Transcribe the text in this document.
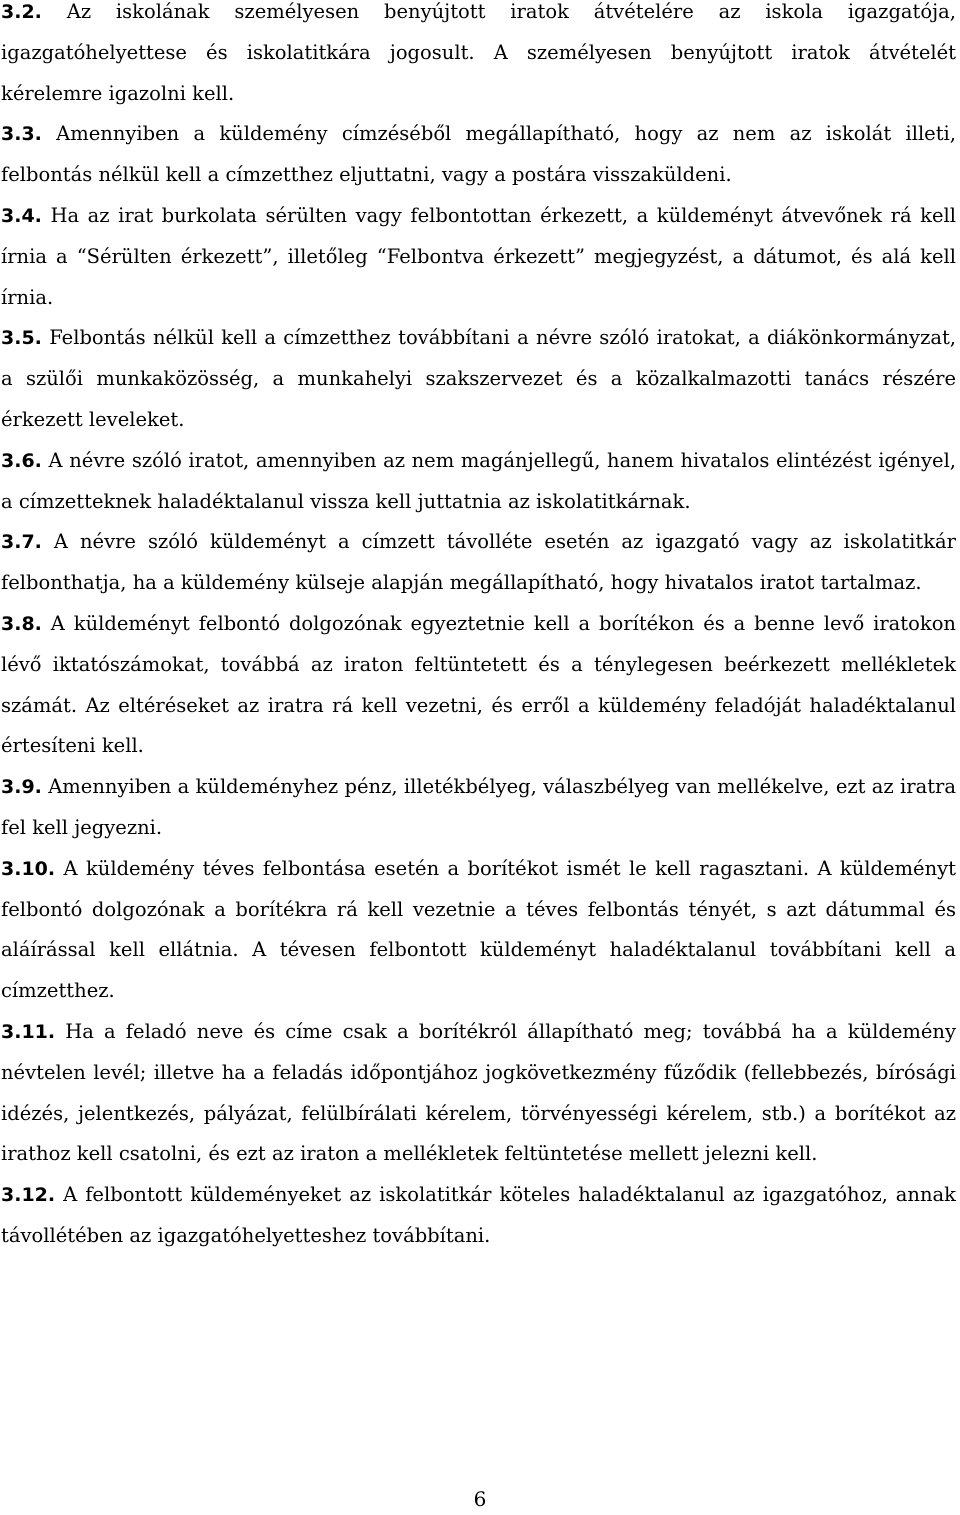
3.2. Az iskolának személyesen benyújtott iratok átvételére az iskola igazgatója, igazgatóhelyettese és iskolatitkára jogosult. A személyesen benyújtott iratok átvételét kérelemre igazolni kell.

3.3. Amennyiben a küldemény címzéséből megállapítható, hogy az nem az iskolát illeti, felbontás nélkül kell a címzetthez eljuttatni, vagy a postára visszaküldeni.

3.4. Ha az irat burkolata sérülten vagy felbontottan érkezett, a küldeményt átvevőnek rá kell írnia a “Sérülten érkezett”, illetőleg “Felbontva érkezett” megjegyzést, a dátumot, és alá kell írnia.

3.5. Felbontás nélkül kell a címzetthez továbbítani a névre szóló iratokat, a diákönkormányzat, a szülői munkaközösség, a munkahelyi szakszervezet és a közalkalmazotti tanács részére érkezett leveleket.

3.6. A névre szóló iratot, amennyiben az nem magánjellegű, hanem hivatalos elintézést igényel, a címzetteknek haladéktalanul vissza kell juttatnia az iskolatitkárnak.

3.7. A névre szóló küldeményt a címzett távolléte esetén az igazgató vagy az iskolatitkár felbonthatja, ha a küldemény külseje alapján megállapítható, hogy hivatalos iratot tartalmaz.

3.8. A küldeményt felbontó dolgozónak egyeztetnie kell a borítékon és a benne levő iratokon lévő iktatószámokat, továbbá az iraton feltüntetett és a ténylegesen beérkezett mellékletek számát. Az eltéréseket az iratra rá kell vezetni, és erről a küldemény feladóját haladéktalanul értesíteni kell.

3.9. Amennyiben a küldeményhez pénz, illetékbélyeg, válaszbélyeg van mellékelve, ezt az iratra fel kell jegyezni.

3.10. A küldemény téves felbontása esetén a borítékot ismét le kell ragasztani. A küldeményt felbontó dolgozónak a borítékra rá kell vezetnie a téves felbontás tényét, s azt dátummal és aláírással kell ellátnia. A tévesen felbontott küldeményt haladéktalanul továbbítani kell a címzetthez.

3.11. Ha a feladó neve és címe csak a borítékról állapítható meg; továbbá ha a küldemény névtelen levél; illetve ha a feladás időpontjához jogkövetkezmény fűződik (fellebbezés, bírósági idézés, jelentkezés, pályázat, felülbírálati kérelem, törvényességi kérelem, stb.) a borítékot az irathoz kell csatolni, és ezt az iraton a mellékletek feltüntetése mellett jelezni kell.

3.12. A felbontott küldeményeket az iskolatitkár köteles haladéktalanul az igazgatóhoz, annak távollétében az igazgatóhelyetteshez továbbítani.

6
